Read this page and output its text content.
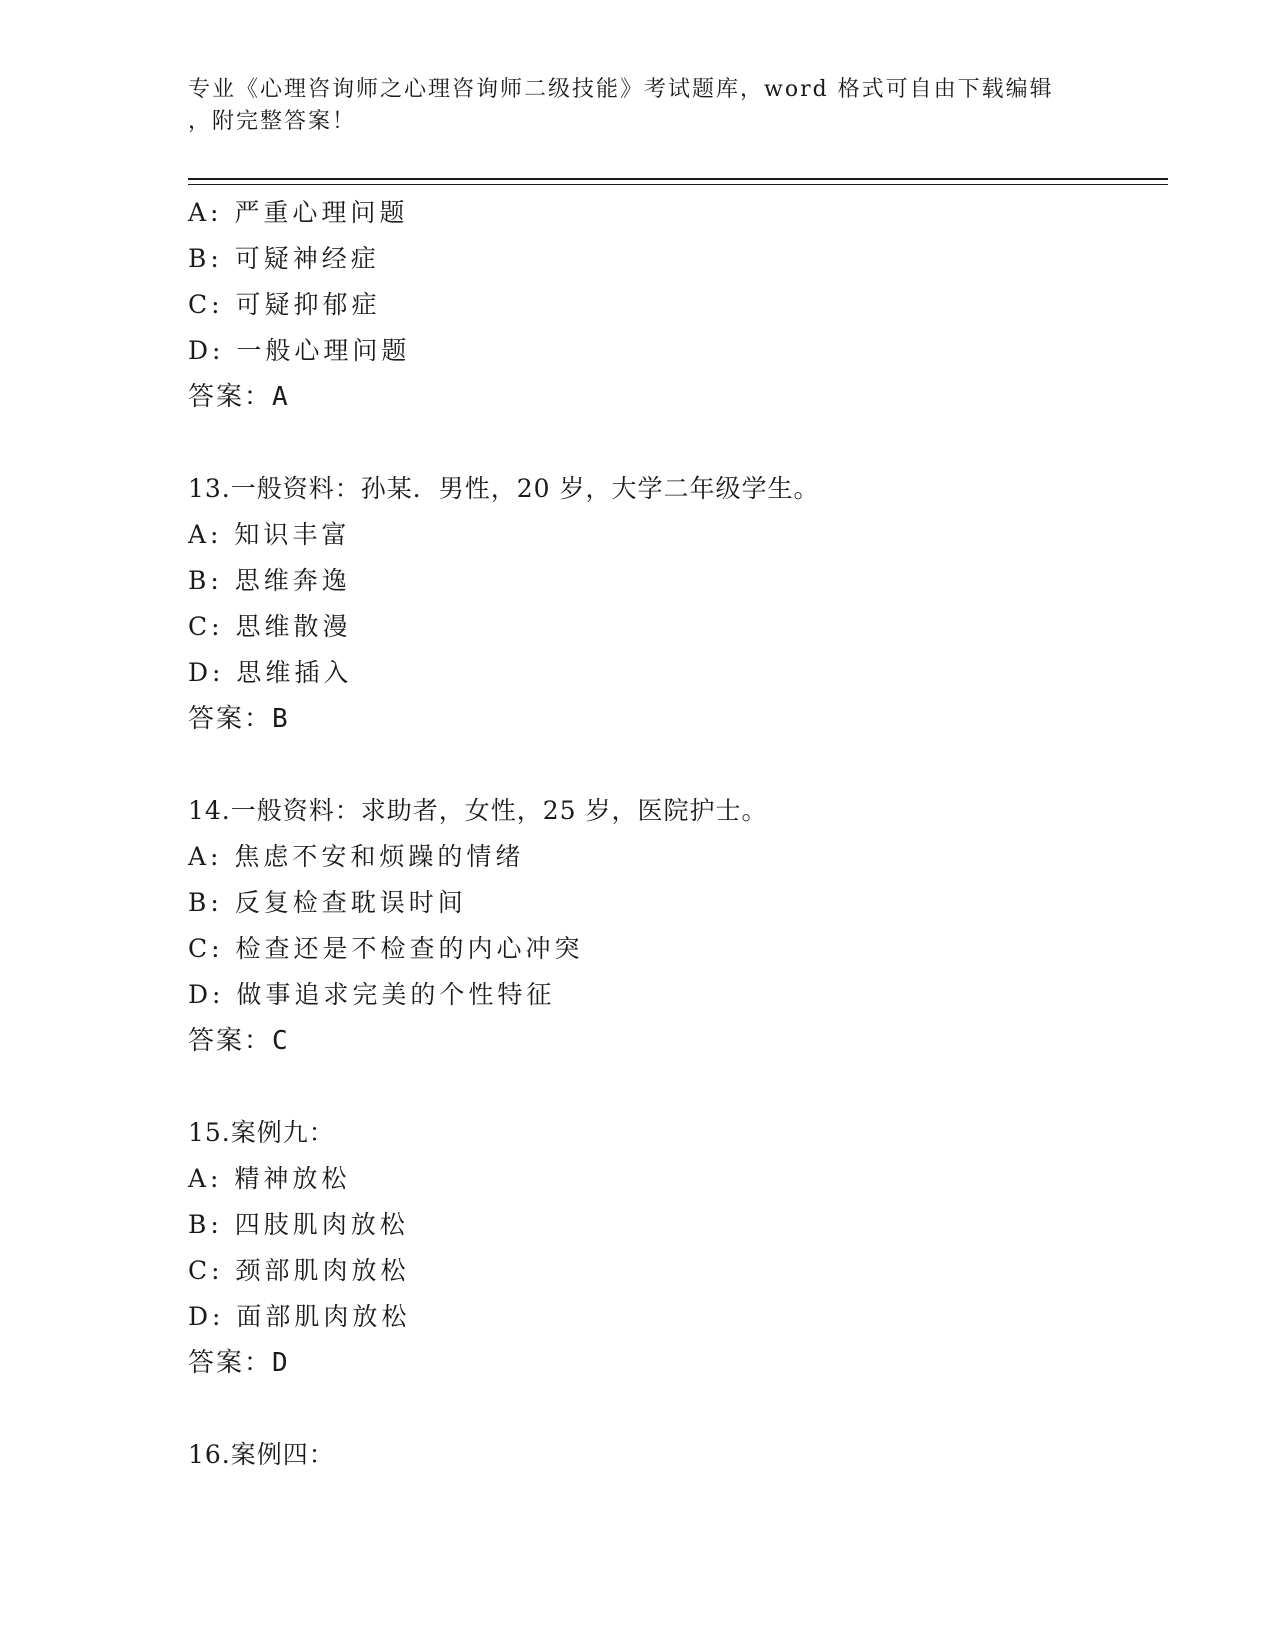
专业《心理咨询师之心理咨询师二级技能》考试题库，word 格式可自由下载编辑
，附完整答案！
A: 严重心理问题
B: 可疑神经症
C: 可疑抑郁症
D: 一般心理问题
答案：A
13.一般资料：孙某．男性，20 岁，大学二年级学生。
A: 知识丰富
B: 思维奔逸
C: 思维散漫
D: 思维插入
答案：B
14.一般资料：求助者，女性，25 岁，医院护士。
A: 焦虑不安和烦躁的情绪
B: 反复检查耽误时间
C: 检查还是不检查的内心冲突
D: 做事追求完美的个性特征
答案：C
15.案例九：
A: 精神放松
B: 四肢肌肉放松
C: 颈部肌肉放松
D: 面部肌肉放松
答案：D
16.案例四：
